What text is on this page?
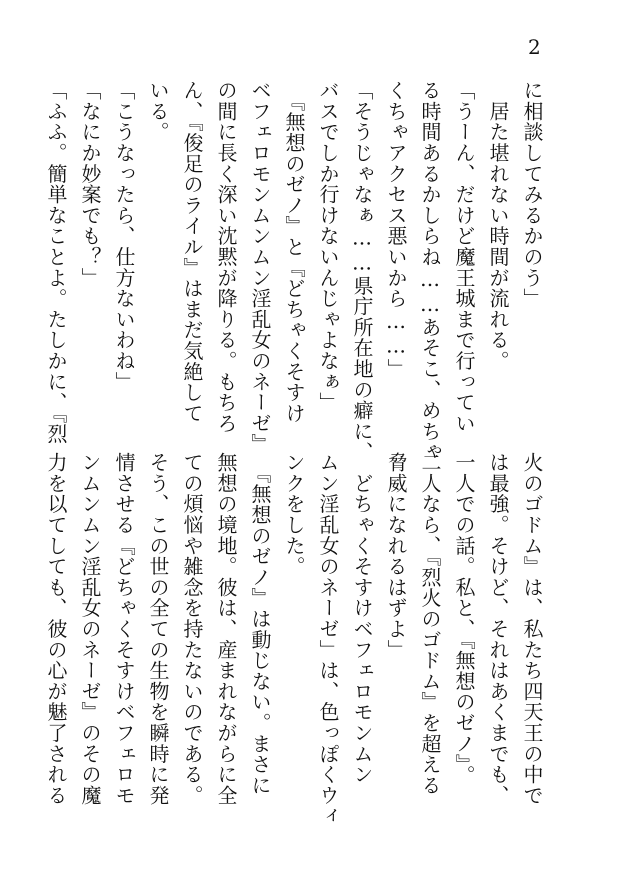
2
に相談してみるかのう」
　居た堪れない時間が流れる。
「うーん、だけど魔王城まで行ってい
る時間あるかしらね……あそこ、めちゃ
くちゃアクセス悪いから……」
「そうじゃなぁ……県庁所在地の癖に、
バスでしか行けないんじゃよなぁ」
　『無想のゼノ』と『どちゃくそすけ
ベフェロモンムンムン淫乱女のネーゼ』
の間に長く深い沈黙が降りる。もちろ
ん、『俊足のライル』はまだ気絶して
いる。
「こうなったら、仕方ないわね」
「なにか妙案でも？」
「ふふ。簡単なことよ。たしかに、『烈
火のゴドム』は、私たち四天王の中で
は最強。そけど、それはあくまでも、
一人での話。私と、『無想のゼノ』。
二人なら、『烈火のゴドム』を超える
脅威になれるはずよ」
　どちゃくそすけベフェロモンムン
ムン淫乱女のネーゼ」は、色っぽくウィ
ンクをした。
　『無想のゼノ』は動じない。まさに
無想の境地。彼は、産まれながらに全
ての煩悩や雑念を持たないのである。
そう、この世の全ての生物を瞬時に発
情させる『どちゃくそすけベフェロモ
ンムンムン淫乱女のネーゼ』のその魔
力を以てしても、彼の心が魅了される
